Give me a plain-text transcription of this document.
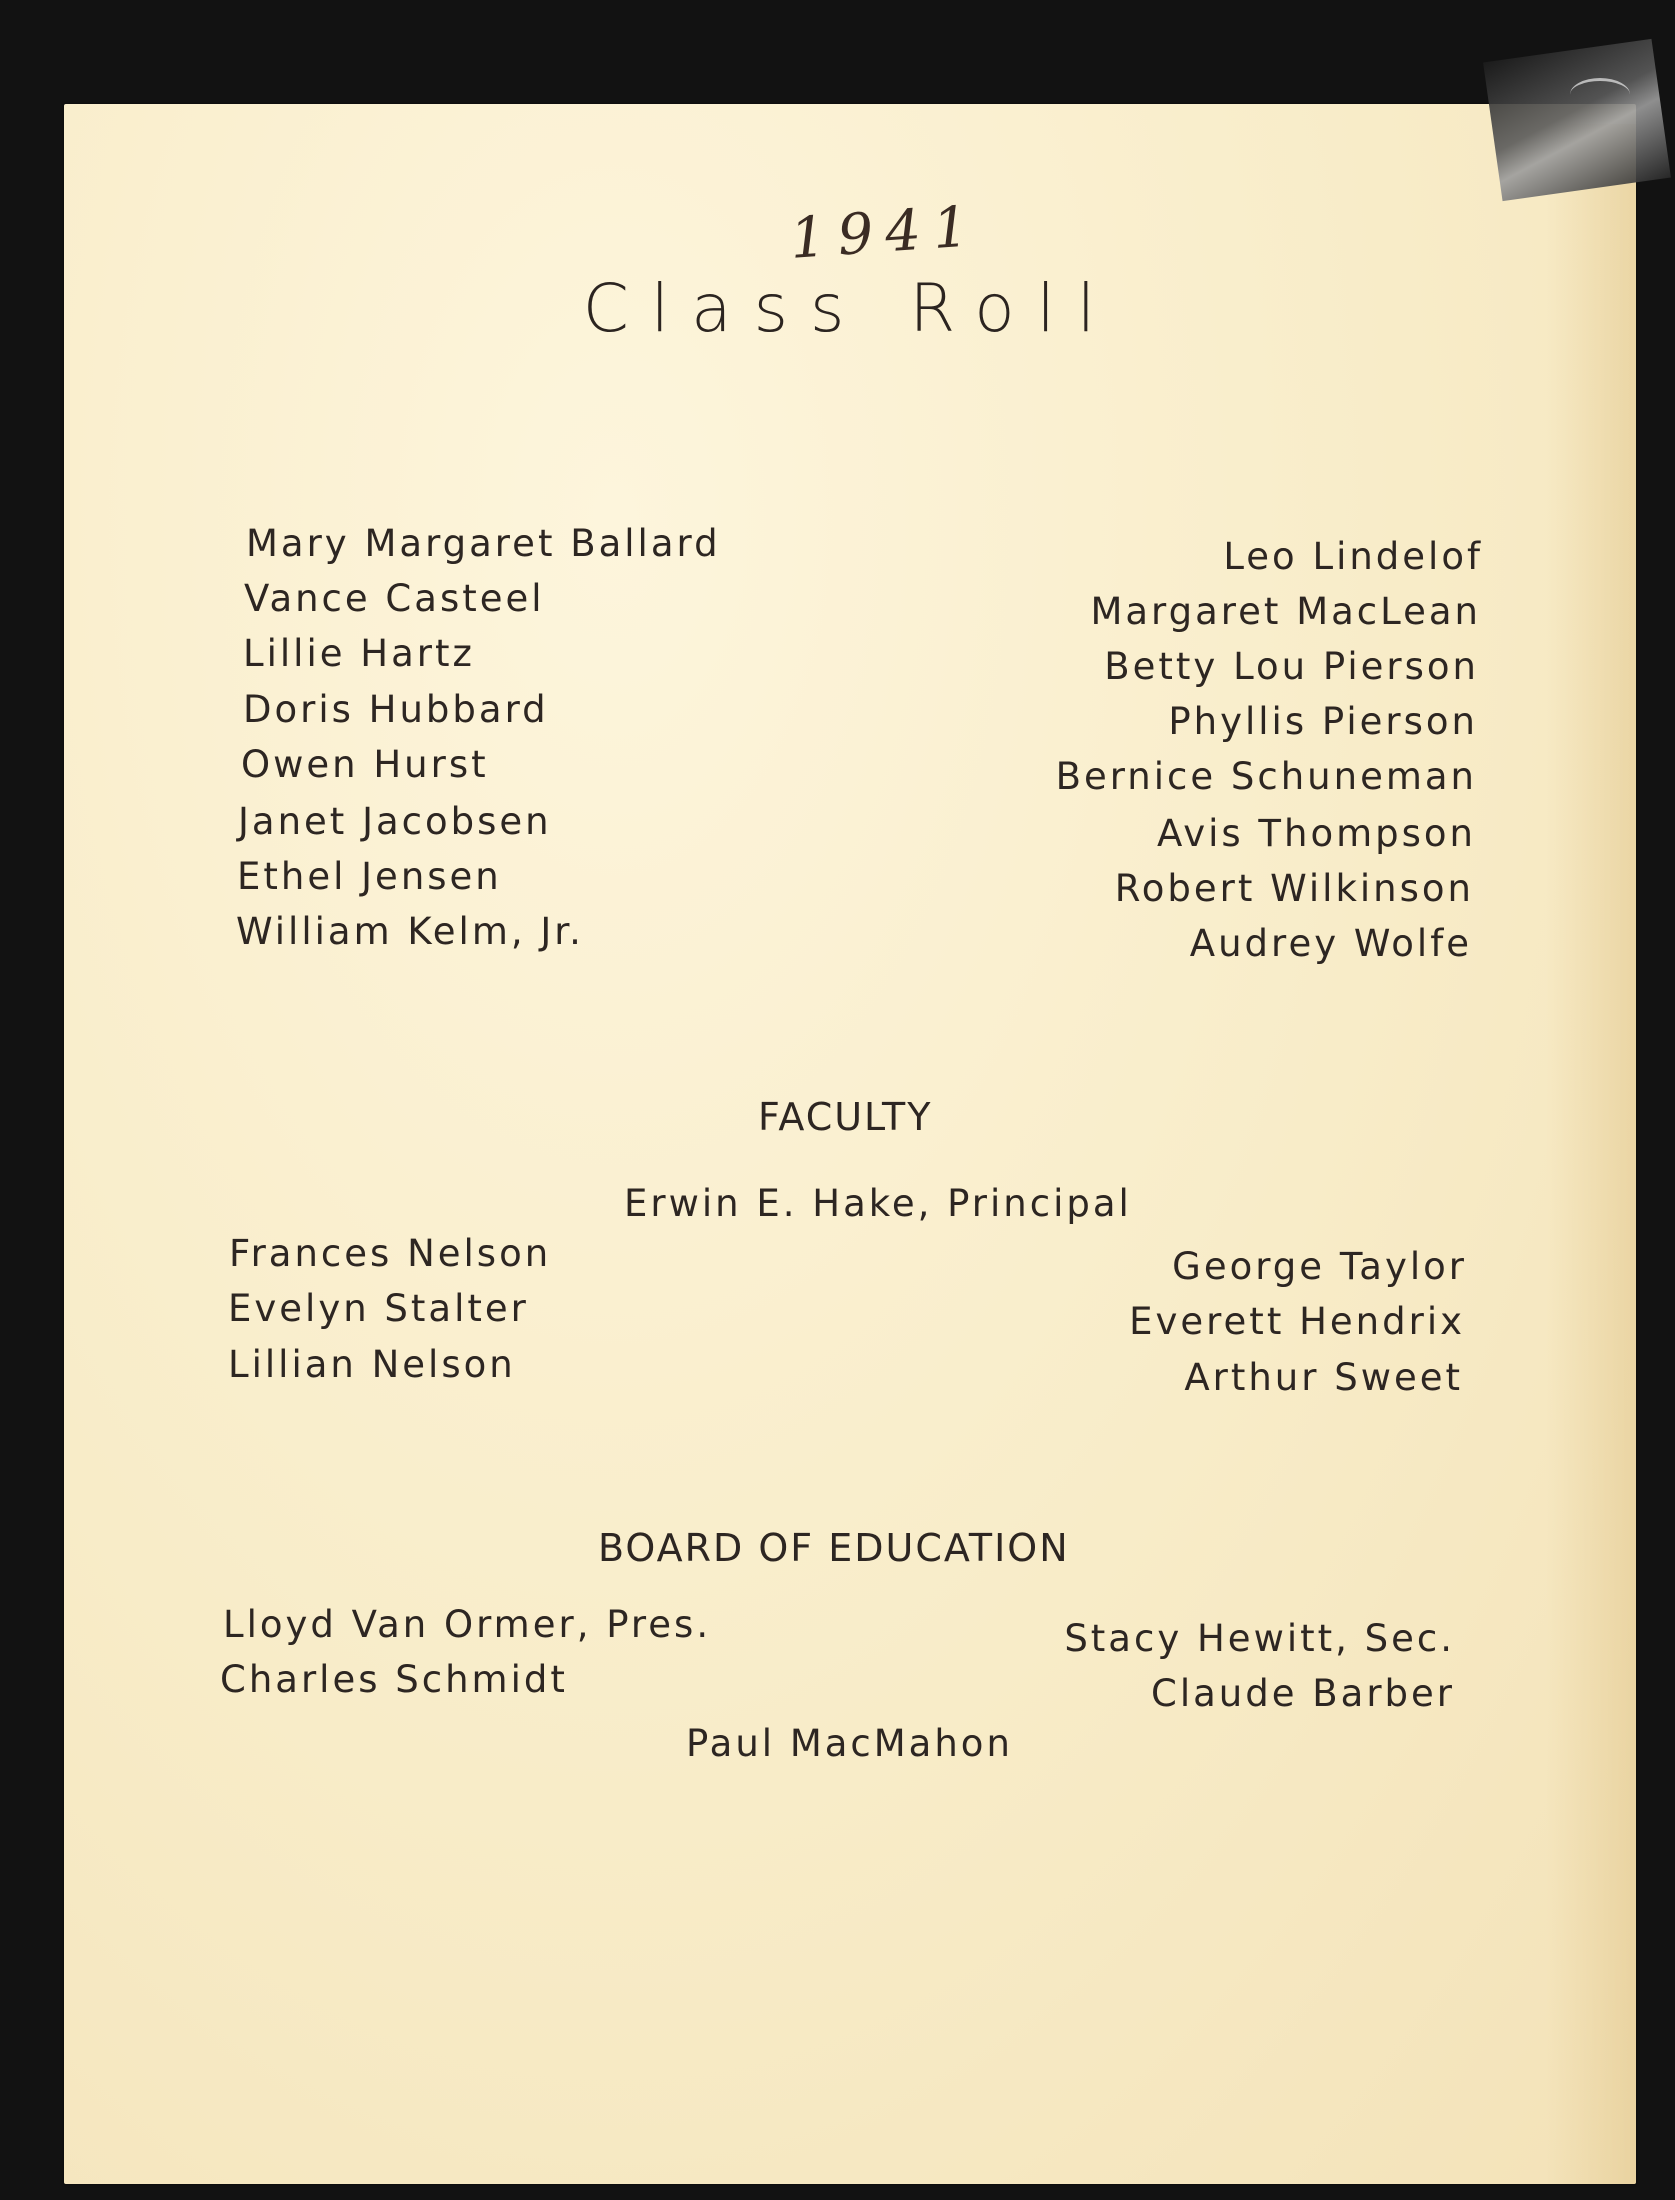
1941
Class Roll
Mary Margaret Ballard
Vance Casteel
Lillie Hartz
Doris Hubbard
Owen Hurst
Janet Jacobsen
Ethel Jensen
William Kelm, Jr.
Leo Lindelof
Margaret MacLean
Betty Lou Pierson
Phyllis Pierson
Bernice Schuneman
Avis Thompson
Robert Wilkinson
Audrey Wolfe
FACULTY
Erwin E. Hake, Principal
Frances Nelson
Evelyn Stalter
Lillian Nelson
George Taylor
Everett Hendrix
Arthur Sweet
BOARD OF EDUCATION
Lloyd Van Ormer, Pres.
Charles Schmidt
Stacy Hewitt, Sec.
Claude Barber
Paul MacMahon
